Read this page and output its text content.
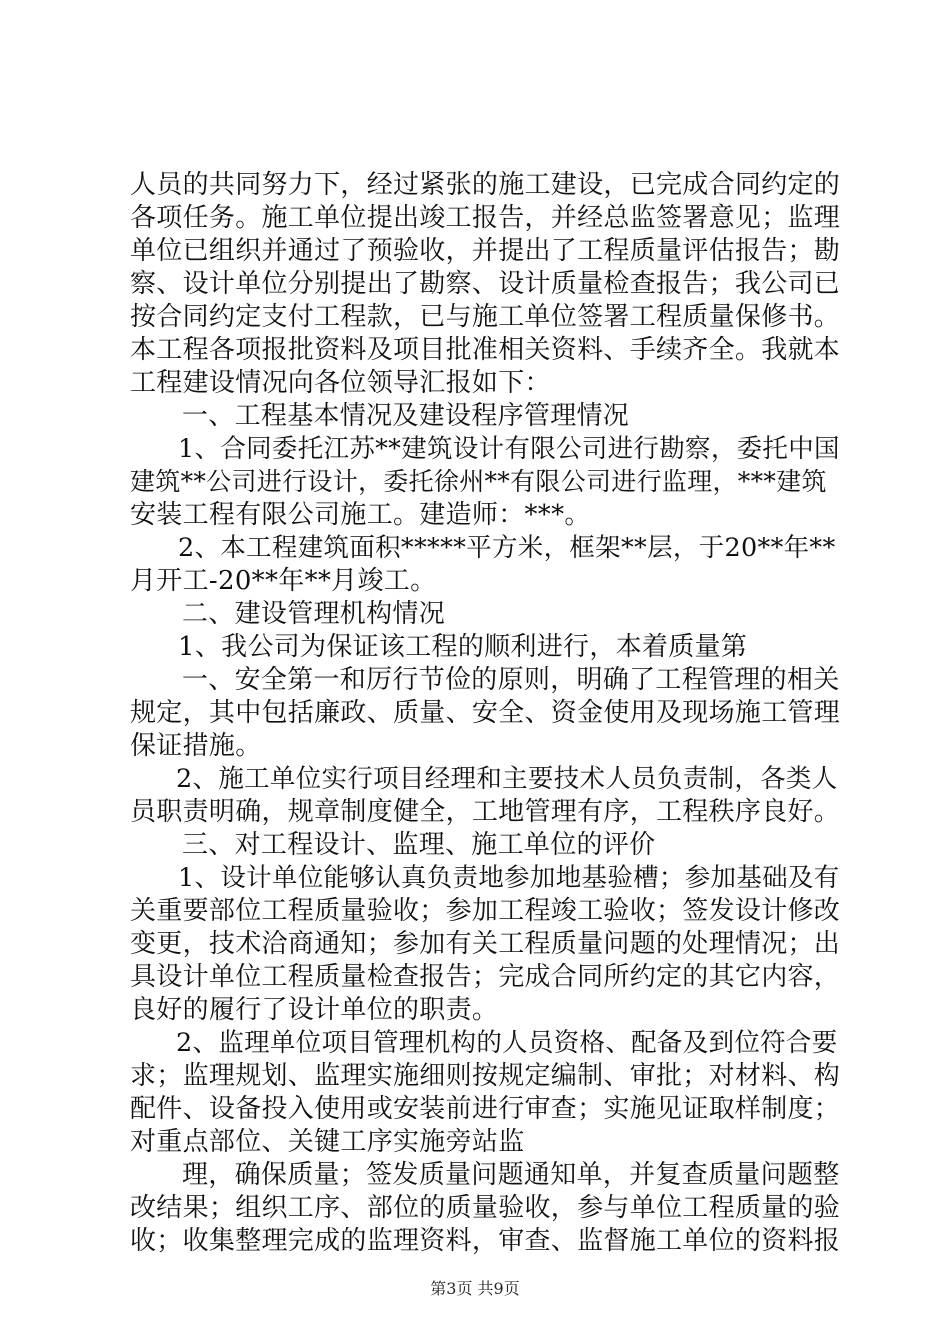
人员的共同努力下，经过紧张的施工建设，已完成合同约定的
各项任务。施工单位提出竣工报告，并经总监签署意见；监理
单位已组织并通过了预验收，并提出了工程质量评估报告；勘
察、设计单位分别提出了勘察、设计质量检查报告；我公司已
按合同约定支付工程款，已与施工单位签署工程质量保修书。
本工程各项报批资料及项目批准相关资料、手续齐全。我就本
工程建设情况向各位领导汇报如下：
一、工程基本情况及建设程序管理情况
1、合同委托江苏**建筑设计有限公司进行勘察，委托中国
建筑**公司进行设计，委托徐州**有限公司进行监理，***建筑
安装工程有限公司施工。建造师：***。
2、本工程建筑面积*****平方米，框架**层，于20**年**
月开工-20**年**月竣工。
二、建设管理机构情况
1、我公司为保证该工程的顺利进行，本着质量第
一、安全第一和厉行节俭的原则，明确了工程管理的相关
规定，其中包括廉政、质量、安全、资金使用及现场施工管理
保证措施。
2、施工单位实行项目经理和主要技术人员负责制，各类人
员职责明确，规章制度健全，工地管理有序，工程秩序良好。
三、对工程设计、监理、施工单位的评价
1、设计单位能够认真负责地参加地基验槽；参加基础及有
关重要部位工程质量验收；参加工程竣工验收；签发设计修改
变更，技术洽商通知；参加有关工程质量问题的处理情况；出
具设计单位工程质量检查报告；完成合同所约定的其它内容，
良好的履行了设计单位的职责。
2、监理单位项目管理机构的人员资格、配备及到位符合要
求；监理规划、监理实施细则按规定编制、审批；对材料、构
配件、设备投入使用或安装前进行审查；实施见证取样制度；
对重点部位、关键工序实施旁站监
理，确保质量；签发质量问题通知单，并复查质量问题整
改结果；组织工序、部位的质量验收，参与单位工程质量的验
收；收集整理完成的监理资料，审查、监督施工单位的资料报
第3页 共9页
